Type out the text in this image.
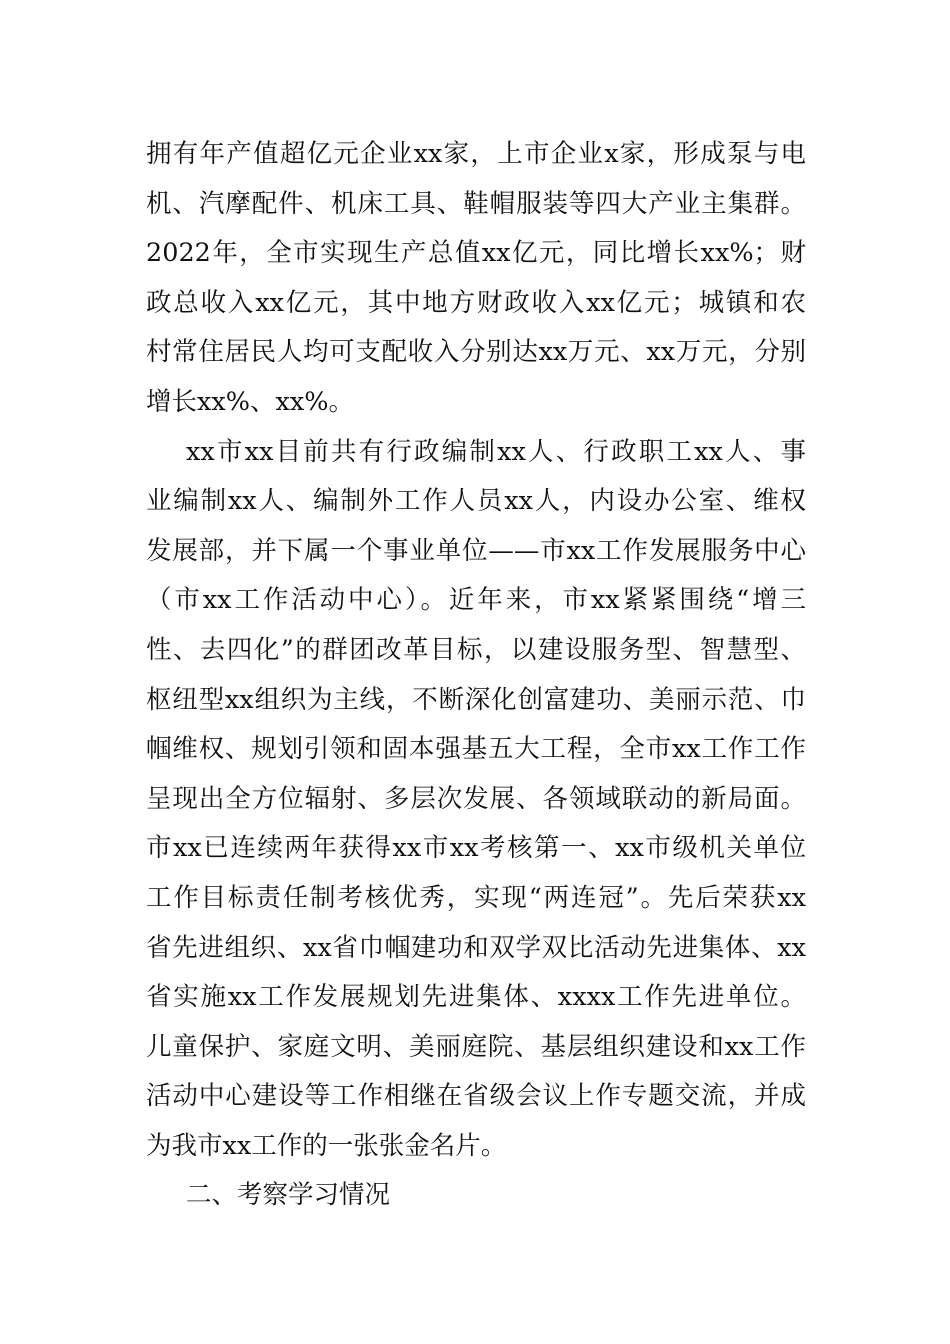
拥有年产值超亿元企业xx家，上市企业x家，形成泵与电
机、汽摩配件、机床工具、鞋帽服装等四大产业主集群。
2022年，全市实现生产总值xx亿元，同比增长xx%；财
政总收入xx亿元，其中地方财政收入xx亿元；城镇和农
村常住居民人均可支配收入分别达xx万元、xx万元，分别
增长xx%、xx%。
xx市xx目前共有行政编制xx人、行政职工xx人、事
业编制xx人、编制外工作人员xx人，内设办公室、维权
发展部，并下属一个事业单位——市xx工作发展服务中心
（市xx工作活动中心）。近年来，市xx紧紧围绕“增三
性、去四化”的群团改革目标，以建设服务型、智慧型、
枢纽型xx组织为主线，不断深化创富建功、美丽示范、巾
帼维权、规划引领和固本强基五大工程，全市xx工作工作
呈现出全方位辐射、多层次发展、各领域联动的新局面。
市xx已连续两年获得xx市xx考核第一、xx市级机关单位
工作目标责任制考核优秀，实现“两连冠”。先后荣获xx
省先进组织、xx省巾帼建功和双学双比活动先进集体、xx
省实施xx工作发展规划先进集体、xxxx工作先进单位。
儿童保护、家庭文明、美丽庭院、基层组织建设和xx工作
活动中心建设等工作相继在省级会议上作专题交流，并成
为我市xx工作的一张张金名片。
二、考察学习情况
